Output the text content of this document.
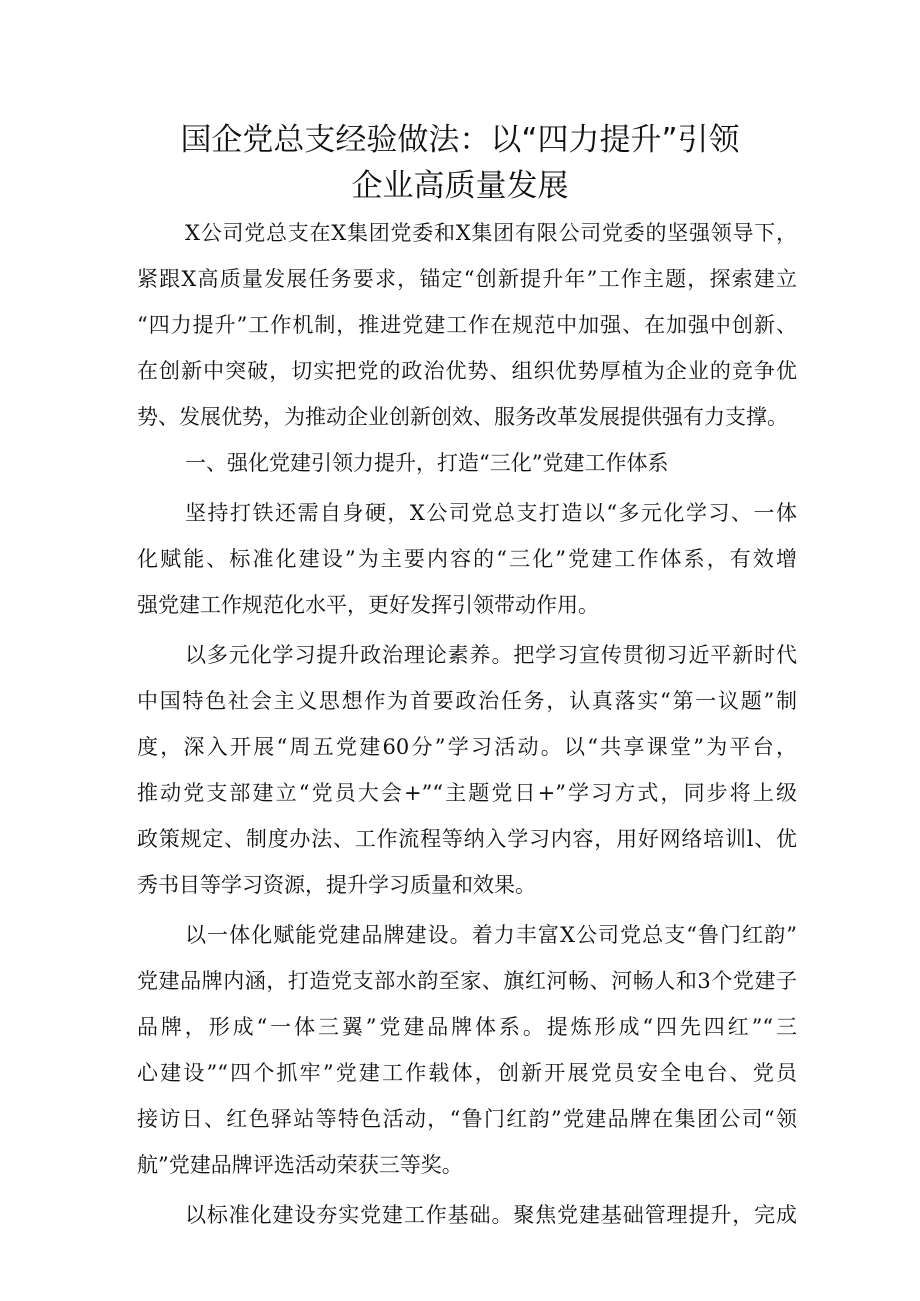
国企党总支经验做法：以“四力提升”引领
企业高质量发展

X公司党总支在X集团党委和X集团有限公司党委的坚强领导下，

紧跟X高质量发展任务要求，锚定“创新提升年”工作主题，探索建立

“四力提升”工作机制，推进党建工作在规范中加强、在加强中创新、

在创新中突破，切实把党的政治优势、组织优势厚植为企业的竞争优

势、发展优势，为推动企业创新创效、服务改革发展提供强有力支撑。

一、强化党建引领力提升，打造“三化”党建工作体系

坚持打铁还需自身硬，X公司党总支打造以“多元化学习、一体

化赋能、标准化建设”为主要内容的“三化”党建工作体系，有效增

强党建工作规范化水平，更好发挥引领带动作用。

以多元化学习提升政治理论素养。把学习宣传贯彻习近平新时代

中国特色社会主义思想作为首要政治任务，认真落实“第一议题”制

度，深入开展“周五党建60分”学习活动。以“共享课堂”为平台，

推动党支部建立“党员大会+”“主题党日+”学习方式，同步将上级

政策规定、制度办法、工作流程等纳入学习内容，用好网络培训l、优

秀书目等学习资源，提升学习质量和效果。

以一体化赋能党建品牌建设。着力丰富X公司党总支“鲁门红韵”

党建品牌内涵，打造党支部水韵至家、旗红河畅、河畅人和3个党建子

品牌，形成“一体三翼”党建品牌体系。提炼形成“四先四红”“三

心建设”“四个抓牢”党建工作载体，创新开展党员安全电台、党员

接访日、红色驿站等特色活动，“鲁门红韵”党建品牌在集团公司“领

航”党建品牌评选活动荣获三等奖。

以标准化建设夯实党建工作基础。聚焦党建基础管理提升，完成
